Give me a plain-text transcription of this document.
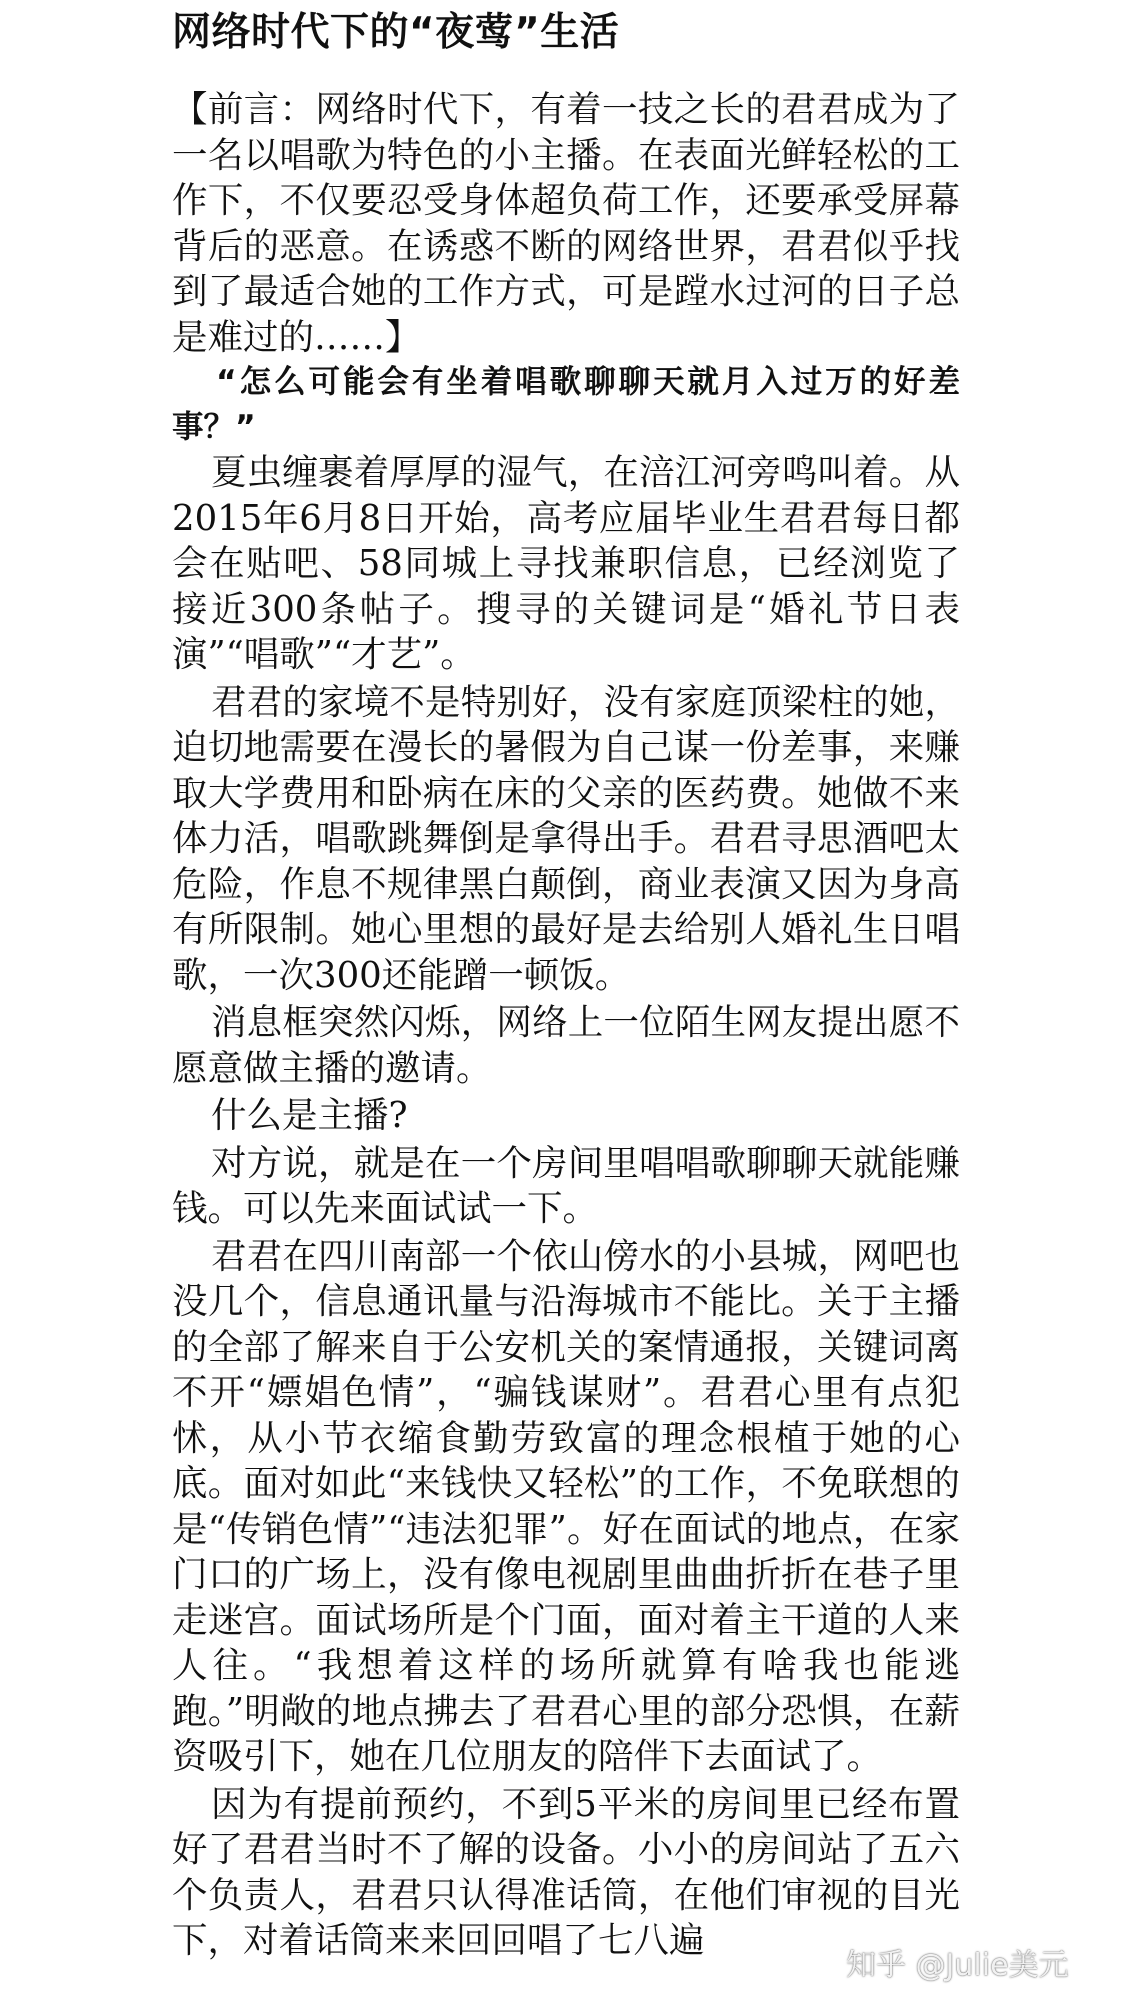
网络时代下的“夜莺”生活

【前言：网络时代下，有着一技之长的君君成为了一名以唱歌为特色的小主播。在表面光鲜轻松的工作下，不仅要忍受身体超负荷工作，还要承受屏幕背后的恶意。在诱惑不断的网络世界，君君似乎找到了最适合她的工作方式，可是蹚水过河的日子总是难过的……】

“怎么可能会有坐着唱歌聊聊天就月入过万的好差事？”

夏虫缠裹着厚厚的湿气，在涪江河旁鸣叫着。从2015年6月8日开始，高考应届毕业生君君每日都会在贴吧、58同城上寻找兼职信息，已经浏览了接近300条帖子。搜寻的关键词是“婚礼节日表演”“唱歌”“才艺”。

君君的家境不是特别好，没有家庭顶梁柱的她，迫切地需要在漫长的暑假为自己谋一份差事，来赚取大学费用和卧病在床的父亲的医药费。她做不来体力活，唱歌跳舞倒是拿得出手。君君寻思酒吧太危险，作息不规律黑白颠倒，商业表演又因为身高有所限制。她心里想的最好是去给别人婚礼生日唱歌，一次300还能蹭一顿饭。

消息框突然闪烁，网络上一位陌生网友提出愿不愿意做主播的邀请。

什么是主播?

对方说，就是在一个房间里唱唱歌聊聊天就能赚钱。可以先来面试试一下。

君君在四川南部一个依山傍水的小县城，网吧也没几个，信息通讯量与沿海城市不能比。关于主播的全部了解来自于公安机关的案情通报，关键词离不开“嫖娼色情”，“骗钱谋财”。君君心里有点犯怵，从小节衣缩食勤劳致富的理念根植于她的心底。面对如此“来钱快又轻松”的工作，不免联想的是“传销色情”“违法犯罪”。好在面试的地点，在家门口的广场上，没有像电视剧里曲曲折折在巷子里走迷宫。面试场所是个门面，面对着主干道的人来人往。“我想着这样的场所就算有啥我也能逃跑。”明敞的地点拂去了君君心里的部分恐惧，在薪资吸引下，她在几位朋友的陪伴下去面试了。

因为有提前预约，不到5平米的房间里已经布置好了君君当时不了解的设备。小小的房间站了五六个负责人，君君只认得准话筒，在他们审视的目光下，对着话筒来来回回唱了七八遍

知乎 @Julie美元
